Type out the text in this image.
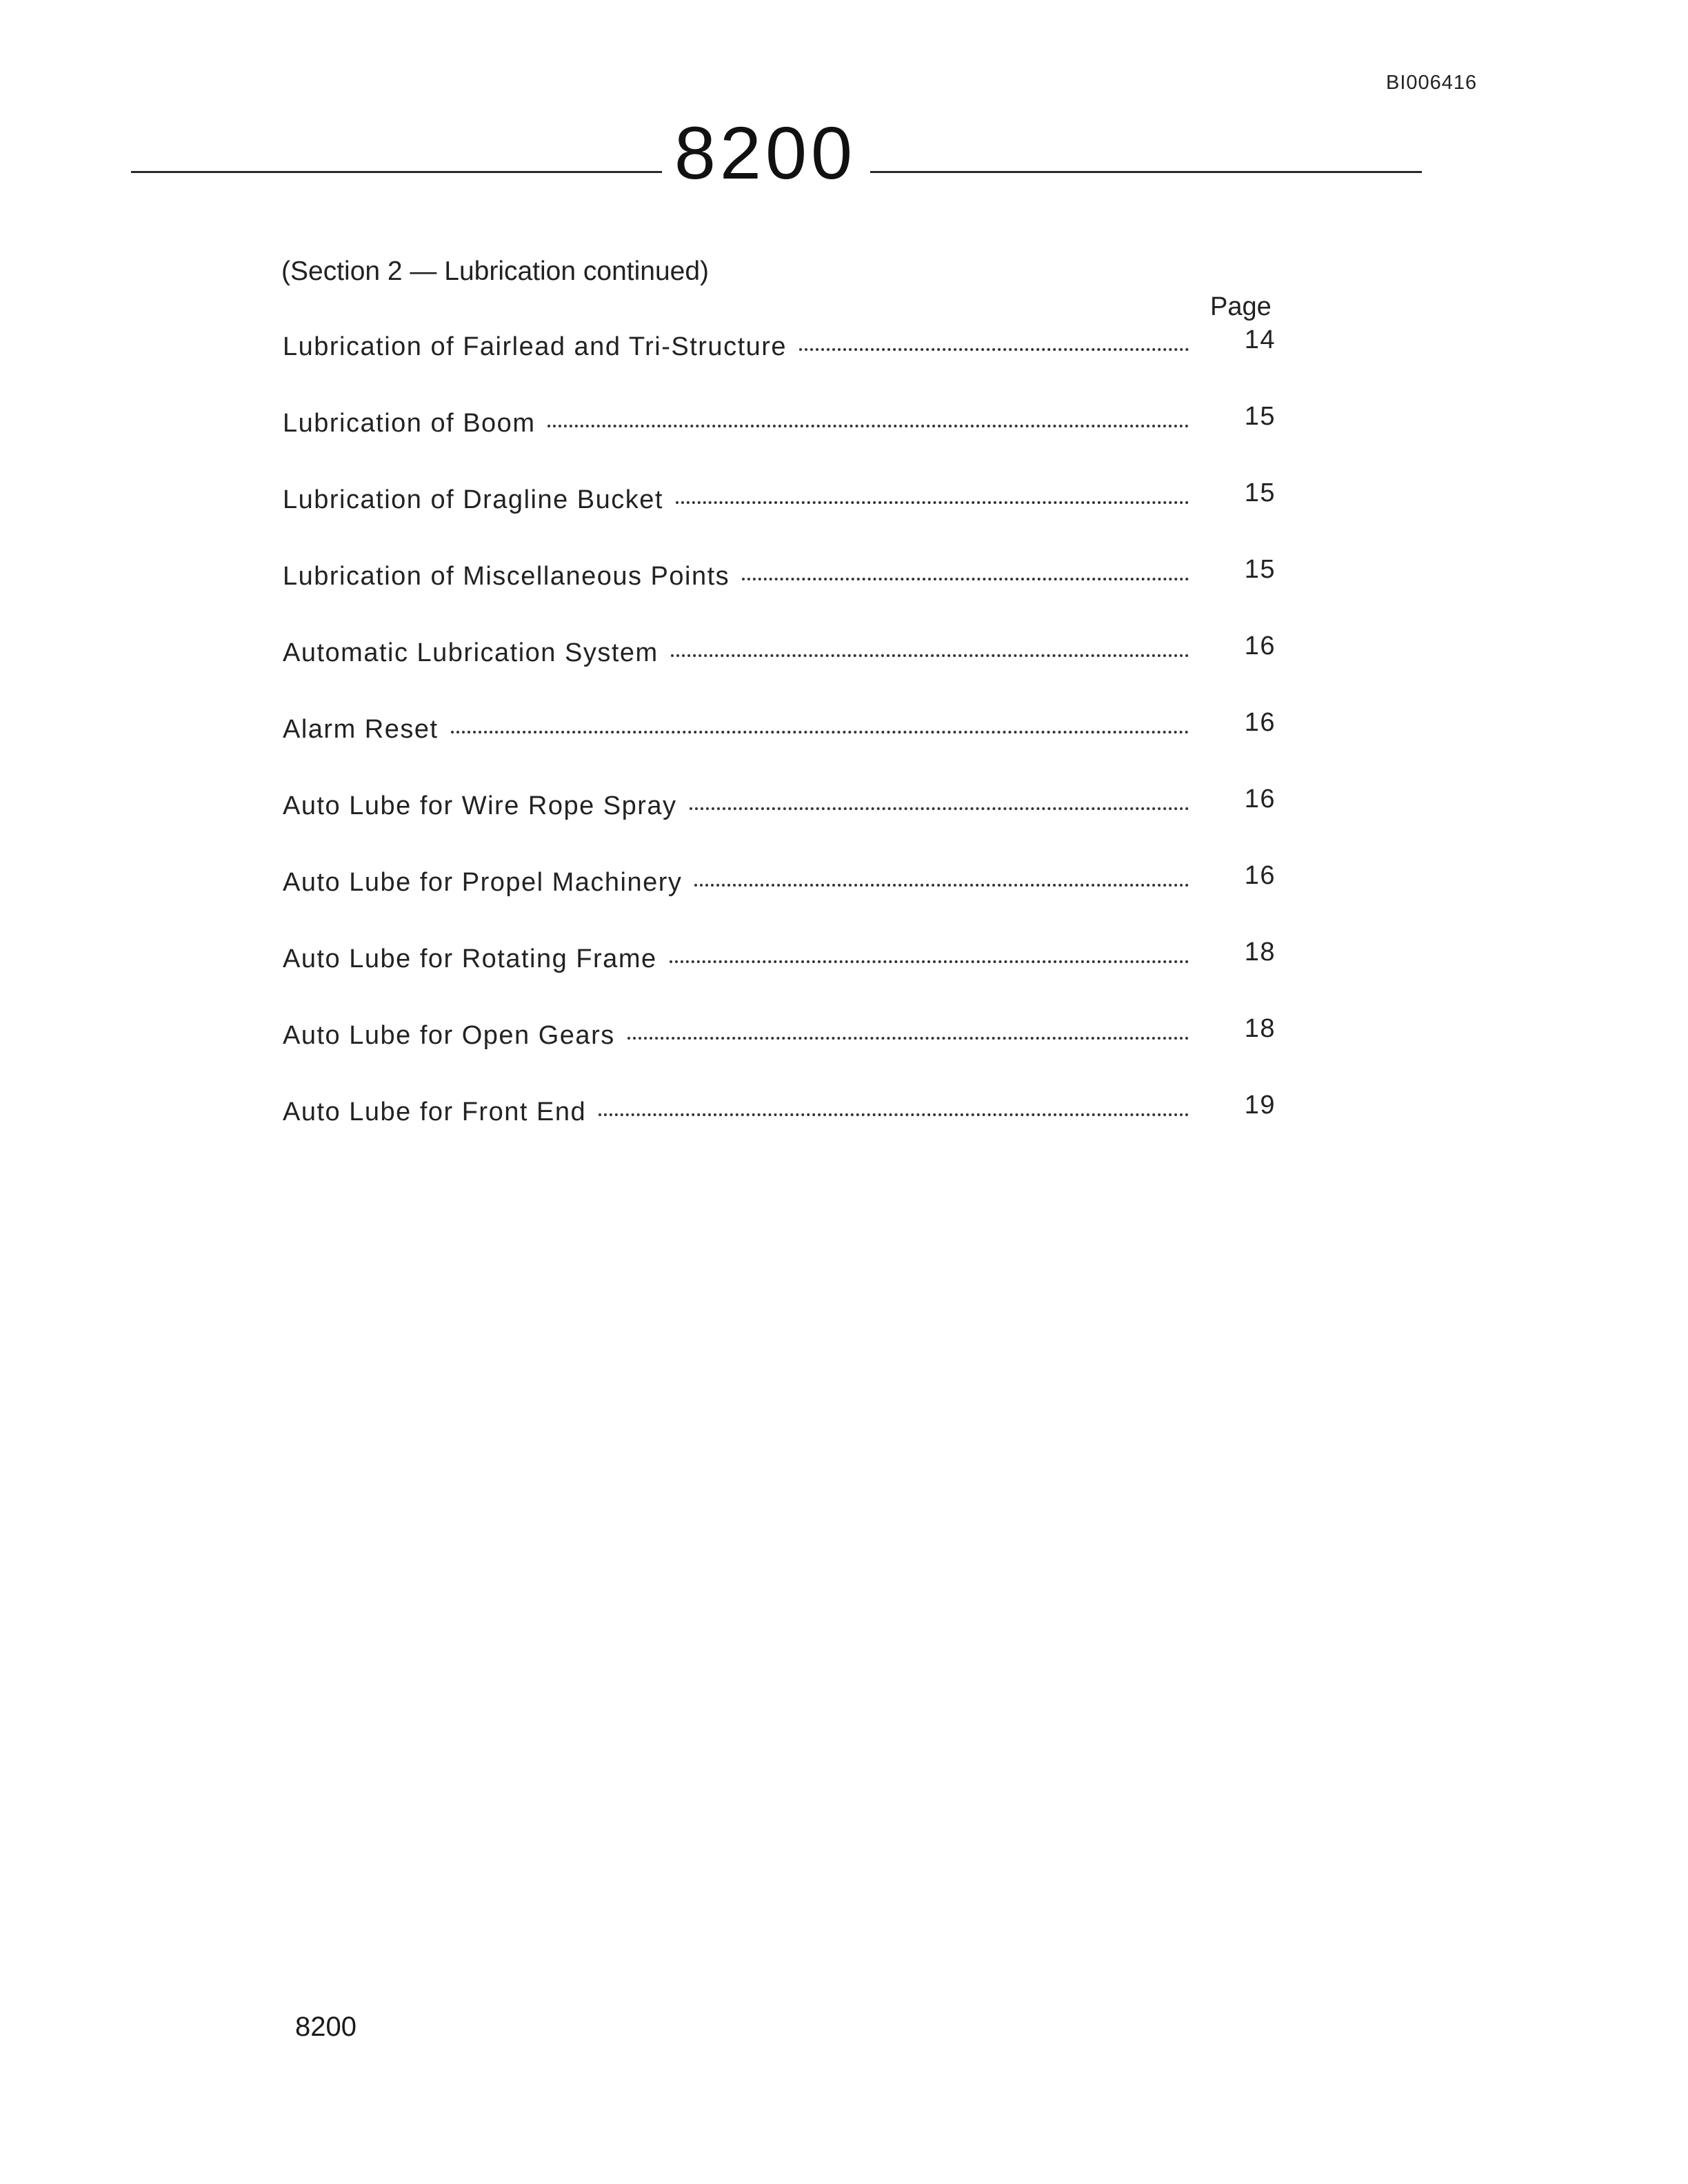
BI006416
8200
(Section 2 — Lubrication continued)
Page
Lubrication of Fairlead and Tri-Structure	14
Lubrication of Boom	15
Lubrication of Dragline Bucket	15
Lubrication of Miscellaneous Points	15
Automatic Lubrication System	16
Alarm Reset	16
Auto Lube for Wire Rope Spray	16
Auto Lube for Propel Machinery	16
Auto Lube for Rotating Frame	18
Auto Lube for Open Gears	18
Auto Lube for Front End	19
8200
